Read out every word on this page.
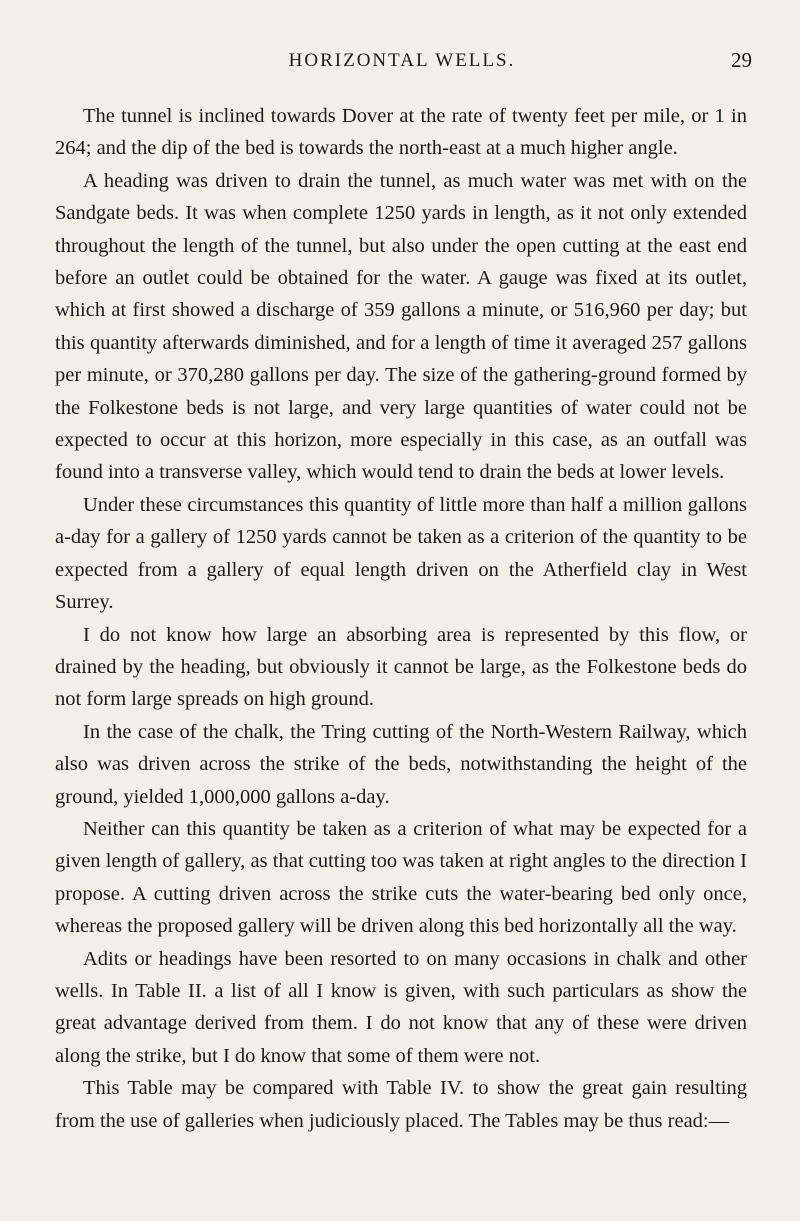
HORIZONTAL WELLS.	29

The tunnel is inclined towards Dover at the rate of twenty feet per mile, or 1 in 264; and the dip of the bed is towards the north-east at a much higher angle.

A heading was driven to drain the tunnel, as much water was met with on the Sandgate beds. It was when complete 1250 yards in length, as it not only extended throughout the length of the tunnel, but also under the open cutting at the east end before an outlet could be obtained for the water. A gauge was fixed at its outlet, which at first showed a discharge of 359 gallons a minute, or 516,960 per day; but this quantity afterwards diminished, and for a length of time it averaged 257 gallons per minute, or 370,280 gallons per day. The size of the gathering-ground formed by the Folkestone beds is not large, and very large quantities of water could not be expected to occur at this horizon, more especially in this case, as an outfall was found into a transverse valley, which would tend to drain the beds at lower levels.

Under these circumstances this quantity of little more than half a million gallons a-day for a gallery of 1250 yards cannot be taken as a criterion of the quantity to be expected from a gallery of equal length driven on the Atherfield clay in West Surrey.

I do not know how large an absorbing area is represented by this flow, or drained by the heading, but obviously it cannot be large, as the Folkestone beds do not form large spreads on high ground.

In the case of the chalk, the Tring cutting of the North-Western Railway, which also was driven across the strike of the beds, notwithstanding the height of the ground, yielded 1,000,000 gallons a-day.

Neither can this quantity be taken as a criterion of what may be expected for a given length of gallery, as that cutting too was taken at right angles to the direction I propose. A cutting driven across the strike cuts the water-bearing bed only once, whereas the proposed gallery will be driven along this bed horizontally all the way.

Adits or headings have been resorted to on many occasions in chalk and other wells. In Table II. a list of all I know is given, with such particulars as show the great advantage derived from them. I do not know that any of these were driven along the strike, but I do know that some of them were not.

This Table may be compared with Table IV. to show the great gain resulting from the use of galleries when judiciously placed. The Tables may be thus read:—
